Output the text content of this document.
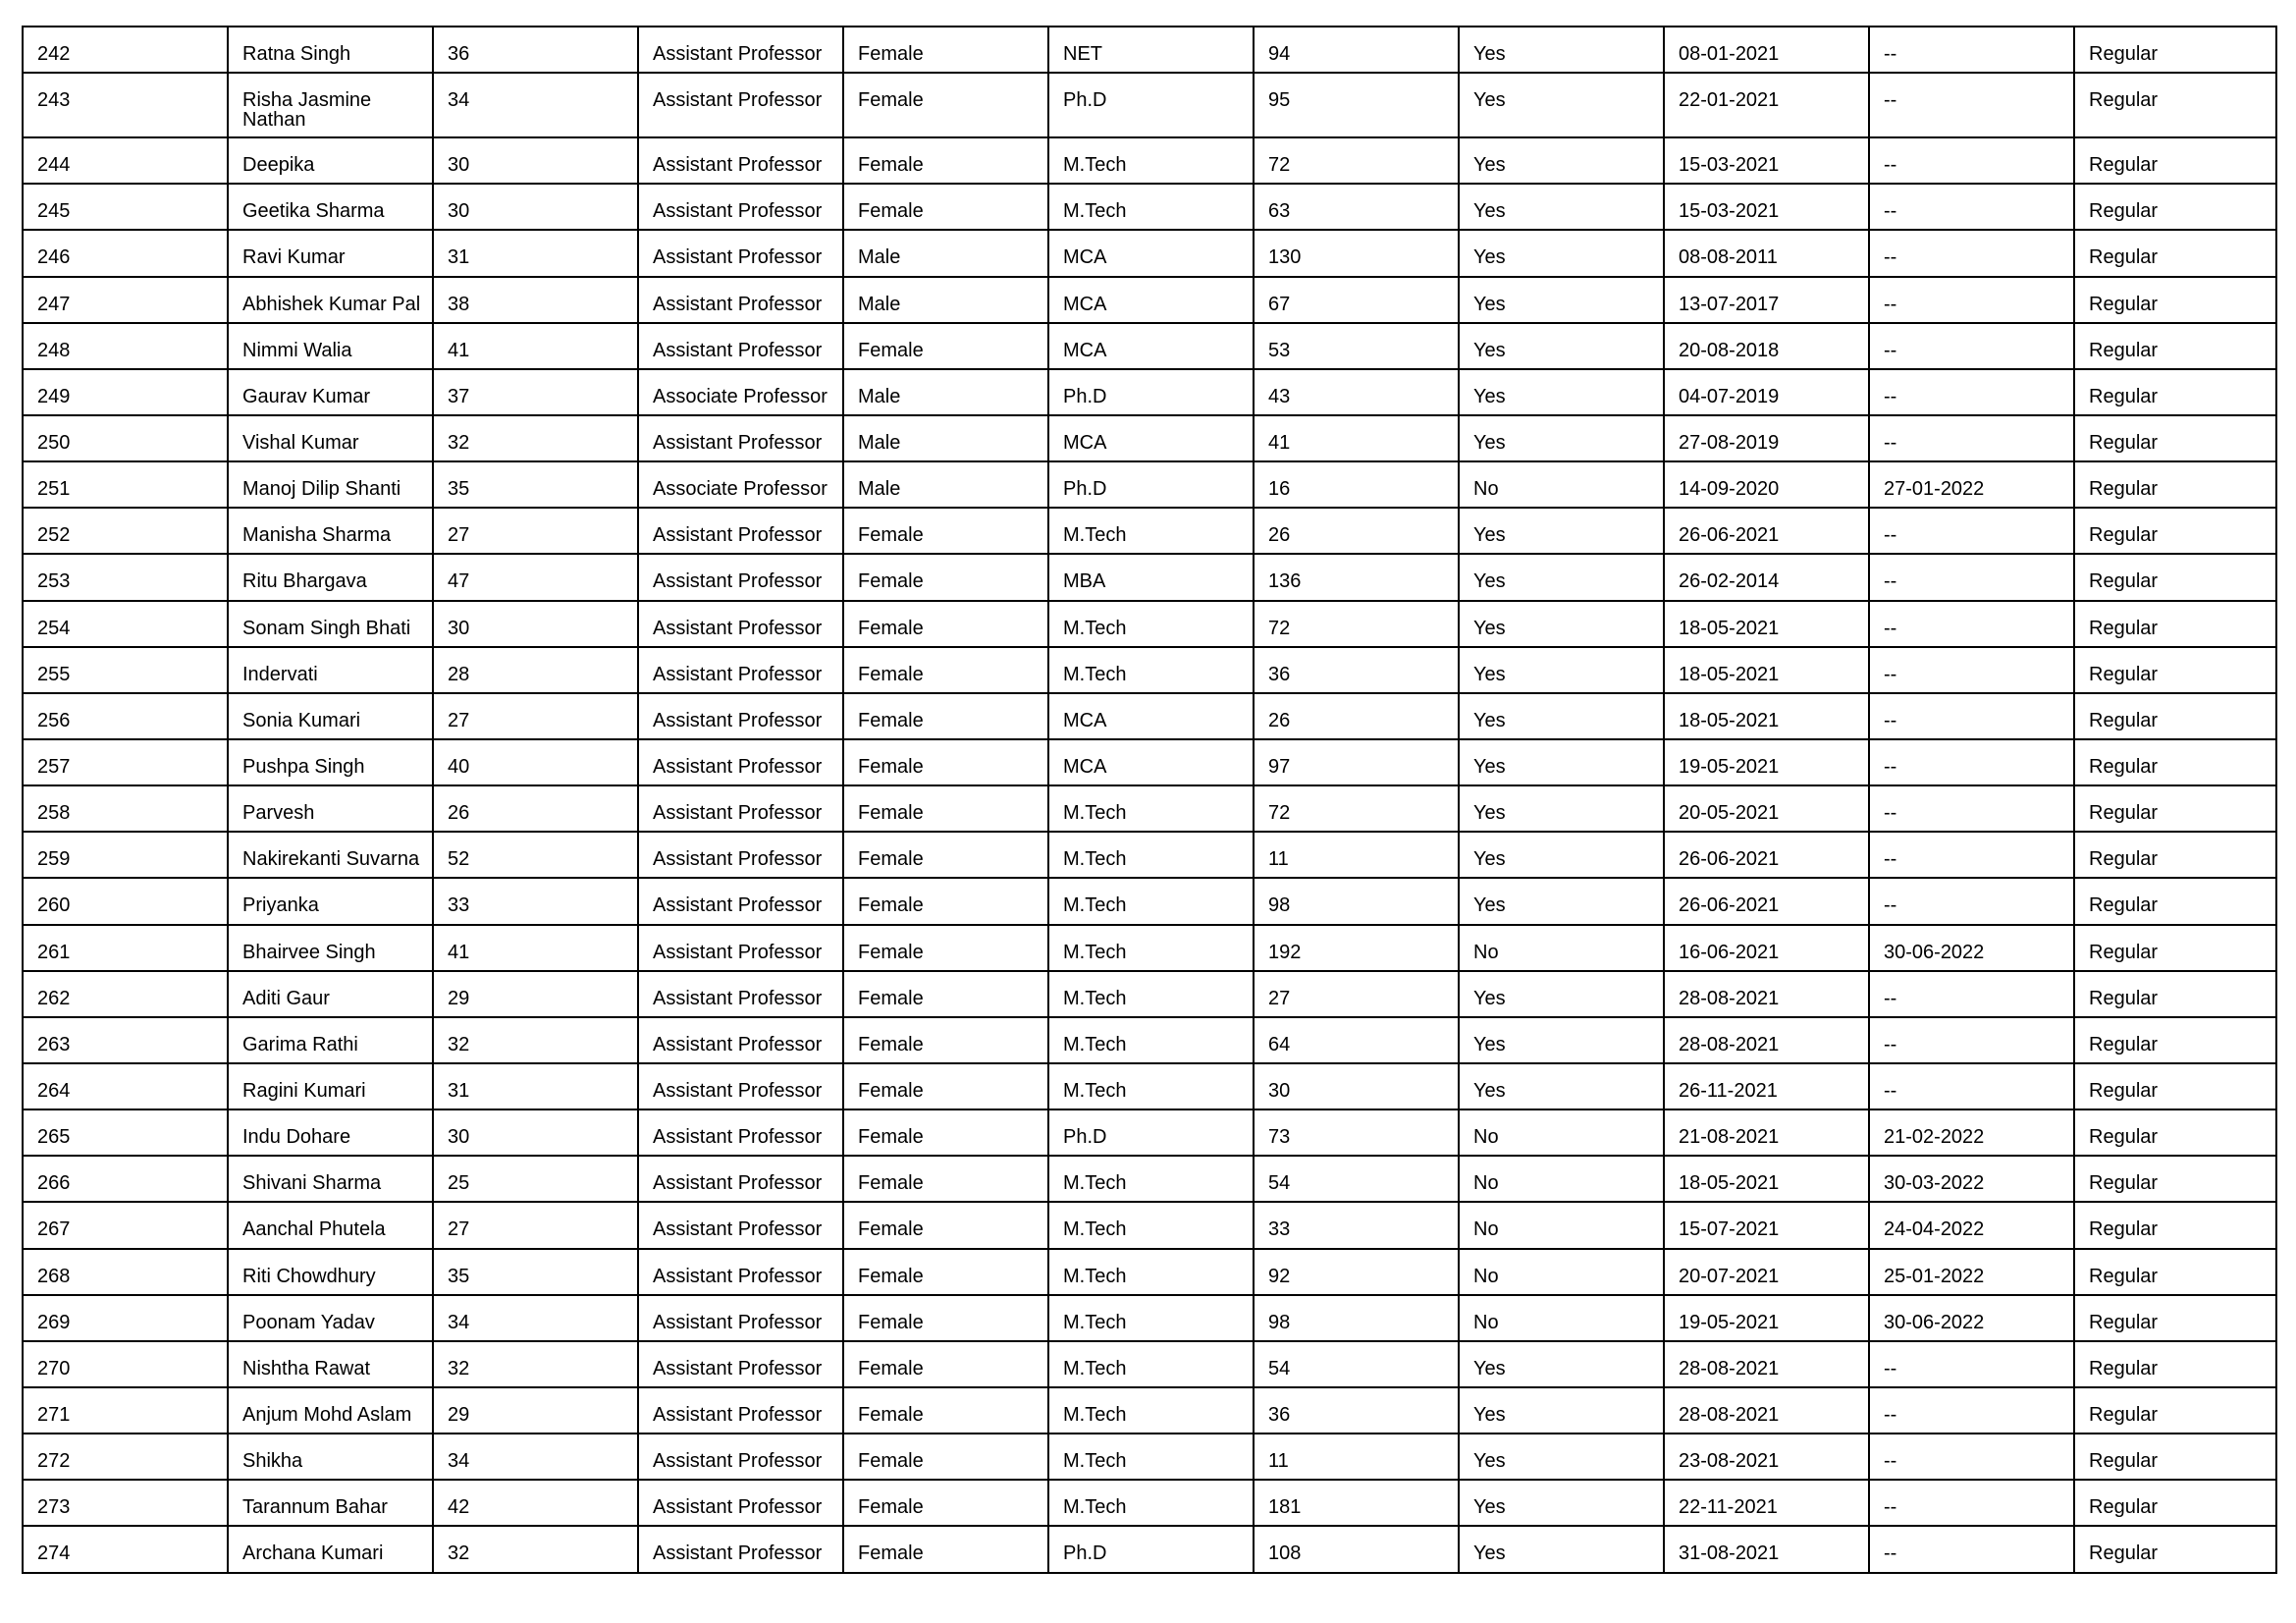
242	Ratna Singh	36	Assistant Professor	Female	NET	94	Yes	08-01-2021	--	Regular

243	Risha Jasmine Nathan	34	Assistant Professor	Female	Ph.D	95	Yes	22-01-2021	--	Regular

244	Deepika	30	Assistant Professor	Female	M.Tech	72	Yes	15-03-2021	--	Regular

245	Geetika Sharma	30	Assistant Professor	Female	M.Tech	63	Yes	15-03-2021	--	Regular

246	Ravi Kumar	31	Assistant Professor	Male	MCA	130	Yes	08-08-2011	--	Regular

247	Abhishek Kumar Pal	38	Assistant Professor	Male	MCA	67	Yes	13-07-2017	--	Regular

248	Nimmi Walia	41	Assistant Professor	Female	MCA	53	Yes	20-08-2018	--	Regular

249	Gaurav Kumar	37	Associate Professor	Male	Ph.D	43	Yes	04-07-2019	--	Regular

250	Vishal Kumar	32	Assistant Professor	Male	MCA	41	Yes	27-08-2019	--	Regular

251	Manoj Dilip Shanti	35	Associate Professor	Male	Ph.D	16	No	14-09-2020	27-01-2022	Regular

252	Manisha Sharma	27	Assistant Professor	Female	M.Tech	26	Yes	26-06-2021	--	Regular

253	Ritu Bhargava	47	Assistant Professor	Female	MBA	136	Yes	26-02-2014	--	Regular

254	Sonam Singh Bhati	30	Assistant Professor	Female	M.Tech	72	Yes	18-05-2021	--	Regular

255	Indervati	28	Assistant Professor	Female	M.Tech	36	Yes	18-05-2021	--	Regular

256	Sonia Kumari	27	Assistant Professor	Female	MCA	26	Yes	18-05-2021	--	Regular

257	Pushpa Singh	40	Assistant Professor	Female	MCA	97	Yes	19-05-2021	--	Regular

258	Parvesh	26	Assistant Professor	Female	M.Tech	72	Yes	20-05-2021	--	Regular

259	Nakirekanti Suvarna	52	Assistant Professor	Female	M.Tech	11	Yes	26-06-2021	--	Regular

260	Priyanka	33	Assistant Professor	Female	M.Tech	98	Yes	26-06-2021	--	Regular

261	Bhairvee Singh	41	Assistant Professor	Female	M.Tech	192	No	16-06-2021	30-06-2022	Regular

262	Aditi Gaur	29	Assistant Professor	Female	M.Tech	27	Yes	28-08-2021	--	Regular

263	Garima Rathi	32	Assistant Professor	Female	M.Tech	64	Yes	28-08-2021	--	Regular

264	Ragini Kumari	31	Assistant Professor	Female	M.Tech	30	Yes	26-11-2021	--	Regular

265	Indu Dohare	30	Assistant Professor	Female	Ph.D	73	No	21-08-2021	21-02-2022	Regular

266	Shivani Sharma	25	Assistant Professor	Female	M.Tech	54	No	18-05-2021	30-03-2022	Regular

267	Aanchal Phutela	27	Assistant Professor	Female	M.Tech	33	No	15-07-2021	24-04-2022	Regular

268	Riti Chowdhury	35	Assistant Professor	Female	M.Tech	92	No	20-07-2021	25-01-2022	Regular

269	Poonam Yadav	34	Assistant Professor	Female	M.Tech	98	No	19-05-2021	30-06-2022	Regular

270	Nishtha Rawat	32	Assistant Professor	Female	M.Tech	54	Yes	28-08-2021	--	Regular

271	Anjum Mohd Aslam	29	Assistant Professor	Female	M.Tech	36	Yes	28-08-2021	--	Regular

272	Shikha	34	Assistant Professor	Female	M.Tech	11	Yes	23-08-2021	--	Regular

273	Tarannum Bahar	42	Assistant Professor	Female	M.Tech	181	Yes	22-11-2021	--	Regular

274	Archana Kumari	32	Assistant Professor	Female	Ph.D	108	Yes	31-08-2021	--	Regular
